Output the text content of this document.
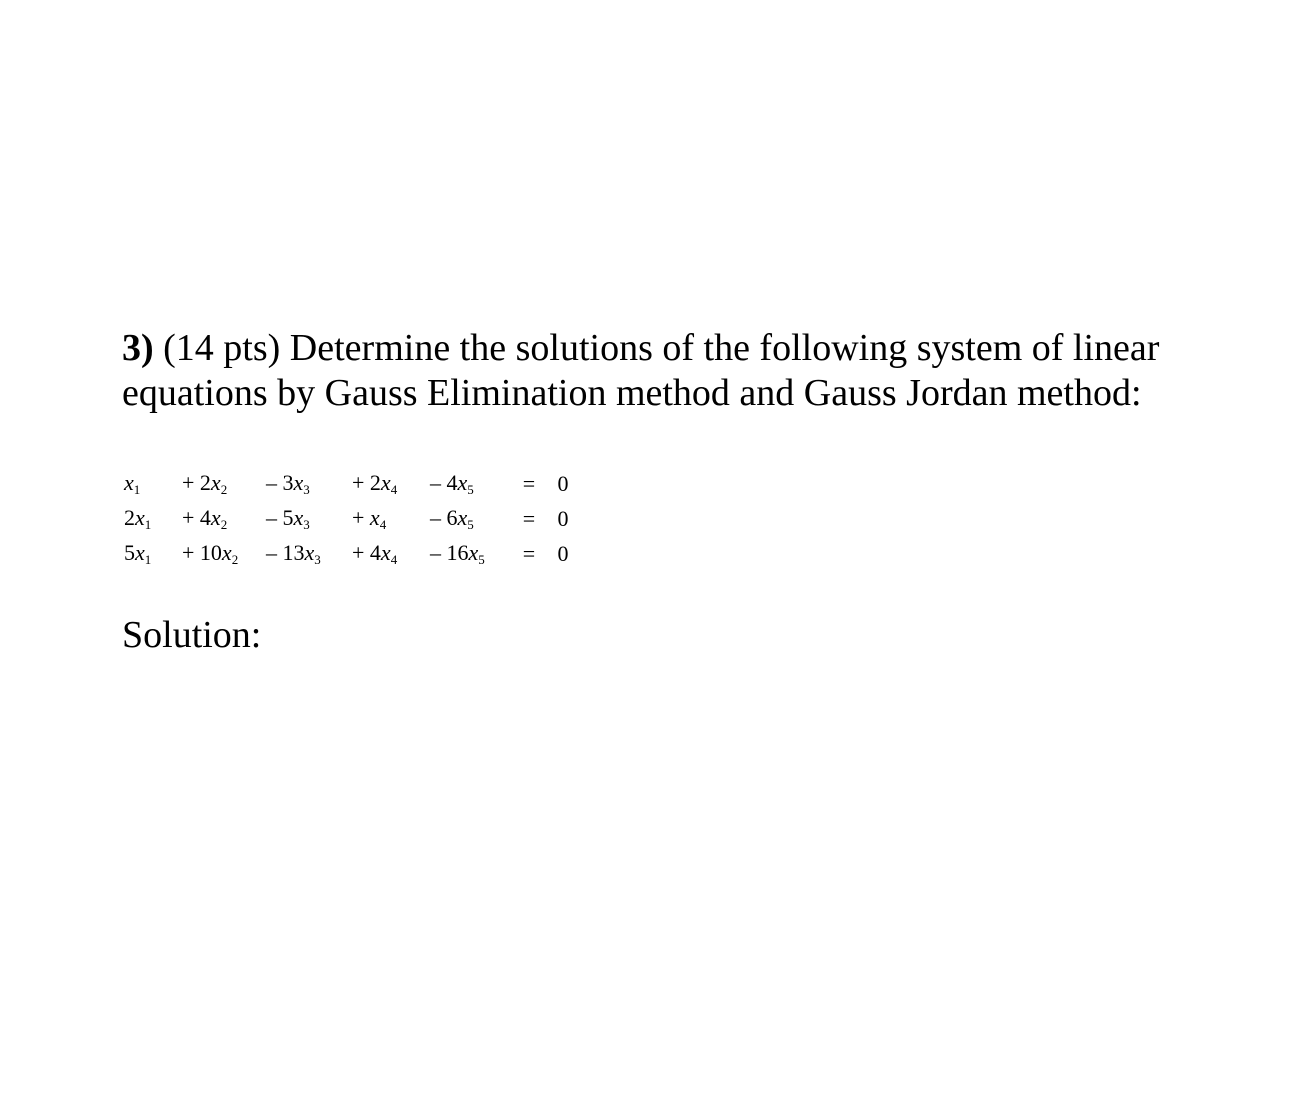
3) (14 pts) Determine the solutions of the following system of linear equations by Gauss Elimination method and Gauss Jordan method:

$x_1$	+ $2x_2$	– $3x_3$	+ $2x_4$	– $4x_5$	=	0
$2x_1$	+ $4x_2$	– $5x_3$	+ $x_4$	– $6x_5$	=	0
$5x_1$	+ $10x_2$	– $13x_3$	+ $4x_4$	– $16x_5$	=	0

Solution:
